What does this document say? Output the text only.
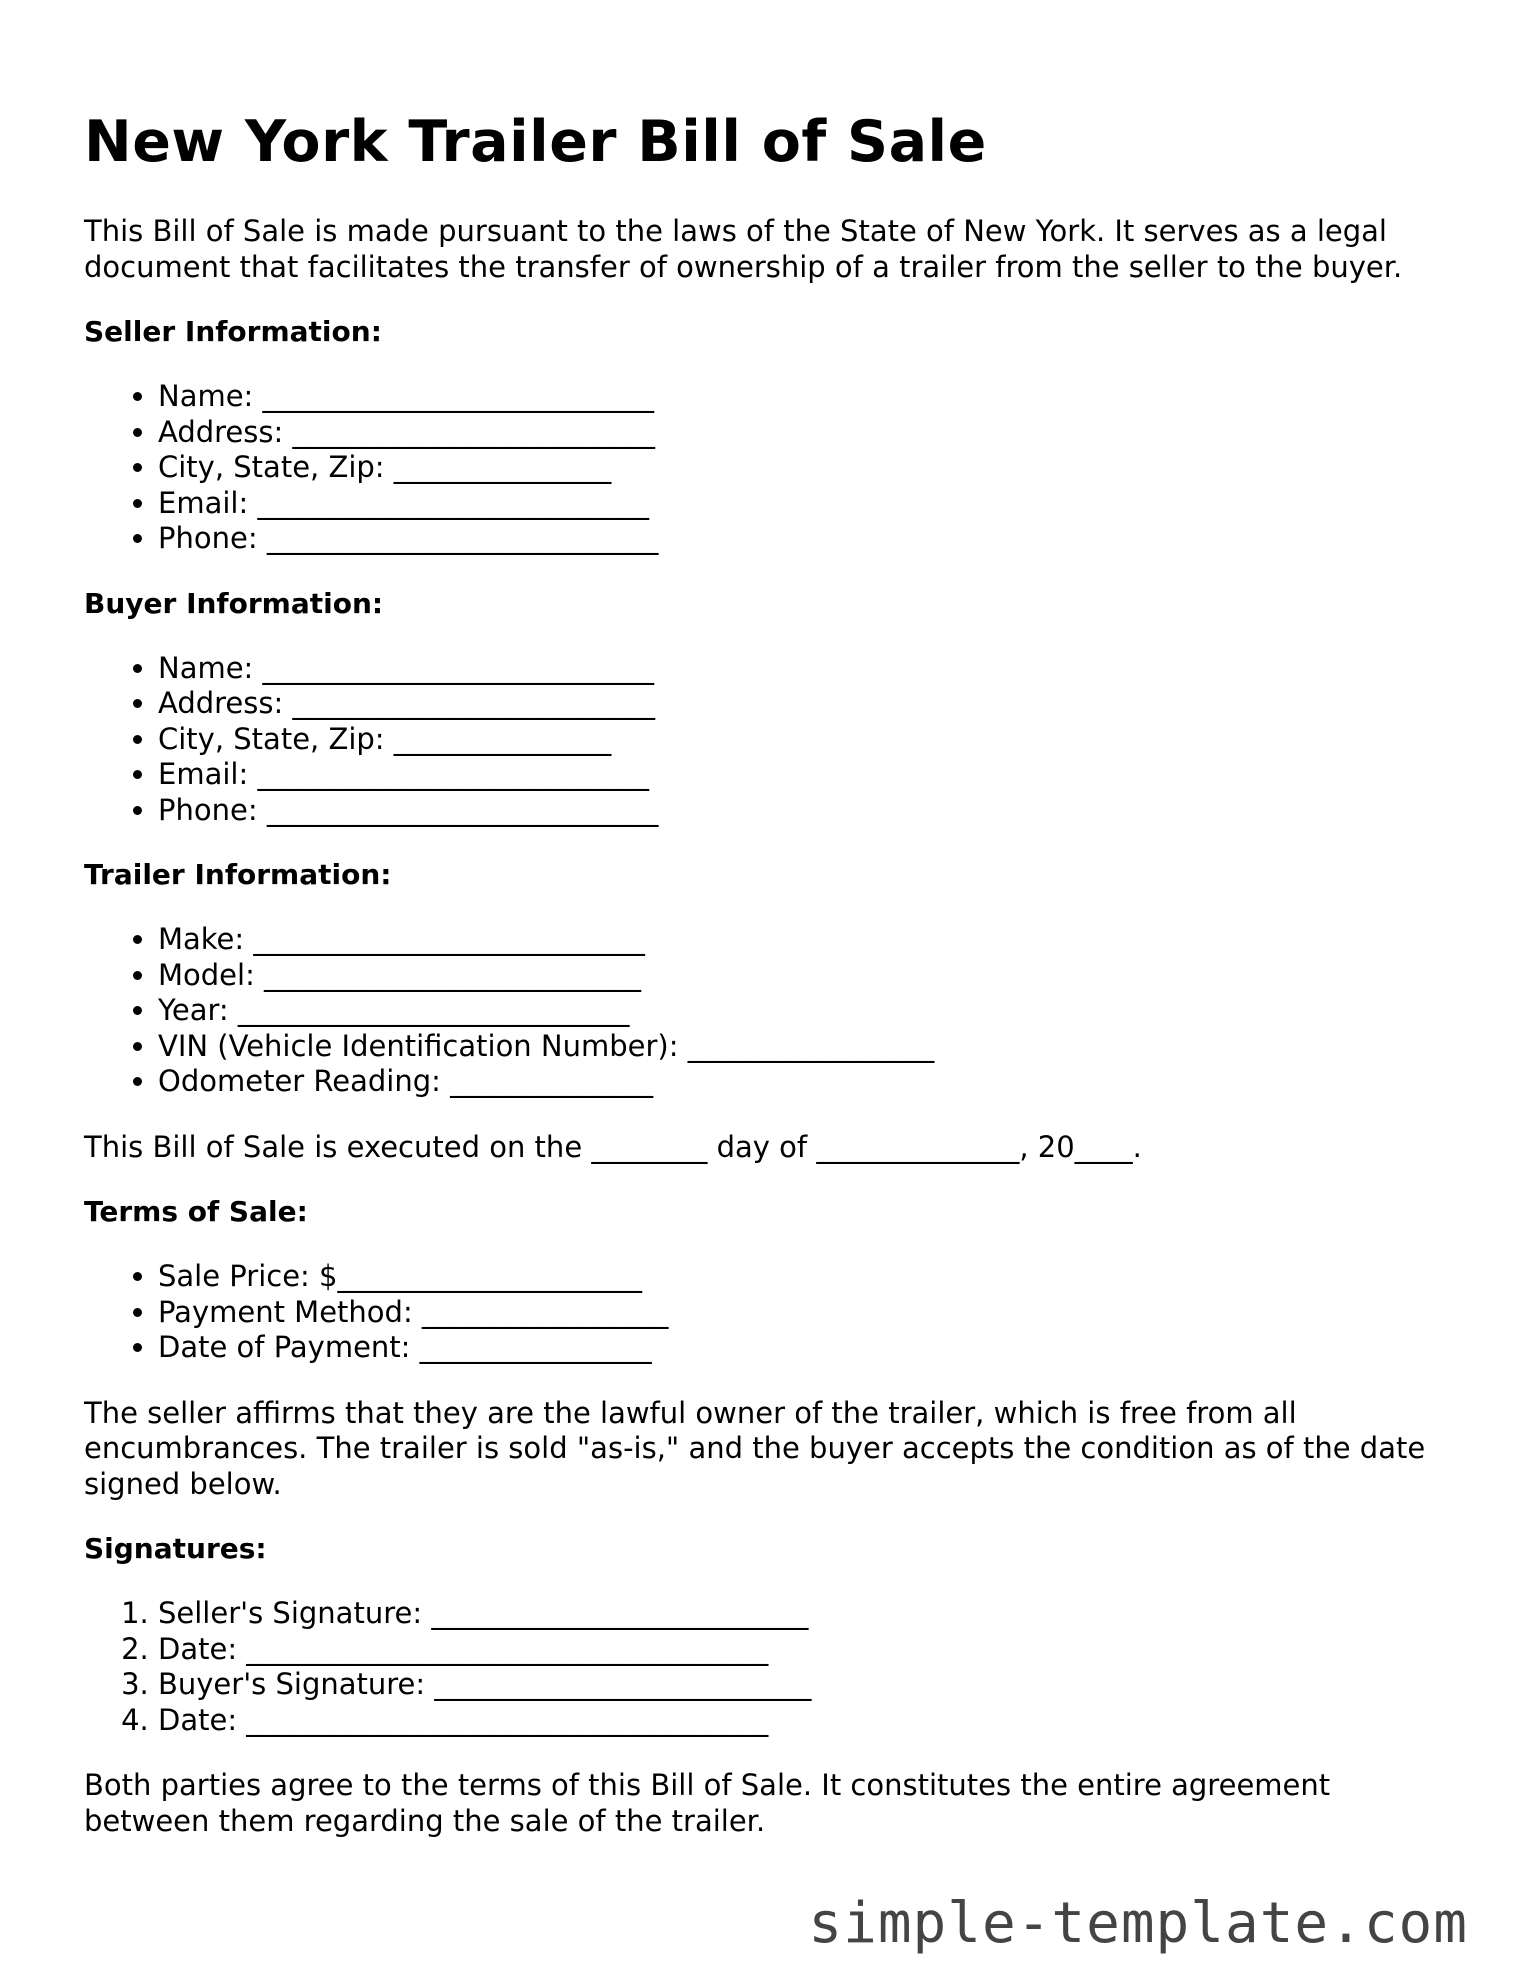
New York Trailer Bill of Sale

This Bill of Sale is made pursuant to the laws of the State of New York. It serves as a legal document that facilitates the transfer of ownership of a trailer from the seller to the buyer.

Seller Information:
• Name: ___________________________
• Address: _________________________
• City, State, Zip: _______________
• Email: ___________________________
• Phone: ___________________________
Buyer Information:
• Name: ___________________________
• Address: _________________________
• City, State, Zip: _______________
• Email: ___________________________
• Phone: ___________________________
Trailer Information:
• Make: ___________________________
• Model: __________________________
• Year: ___________________________
• VIN (Vehicle Identification Number): _________________
• Odometer Reading: ______________

This Bill of Sale is executed on the ________ day of ______________, 20____.

Terms of Sale:
• Sale Price: $_____________________
• Payment Method: _________________
• Date of Payment: ________________

The seller affirms that they are the lawful owner of the trailer, which is free from all encumbrances. The trailer is sold "as-is," and the buyer accepts the condition as of the date signed below.

Signatures:
1. Seller's Signature: __________________________
2. Date: ____________________________________
3. Buyer's Signature: __________________________
4. Date: ____________________________________

Both parties agree to the terms of this Bill of Sale. It constitutes the entire agreement between them regarding the sale of the trailer.

simple-template.com
